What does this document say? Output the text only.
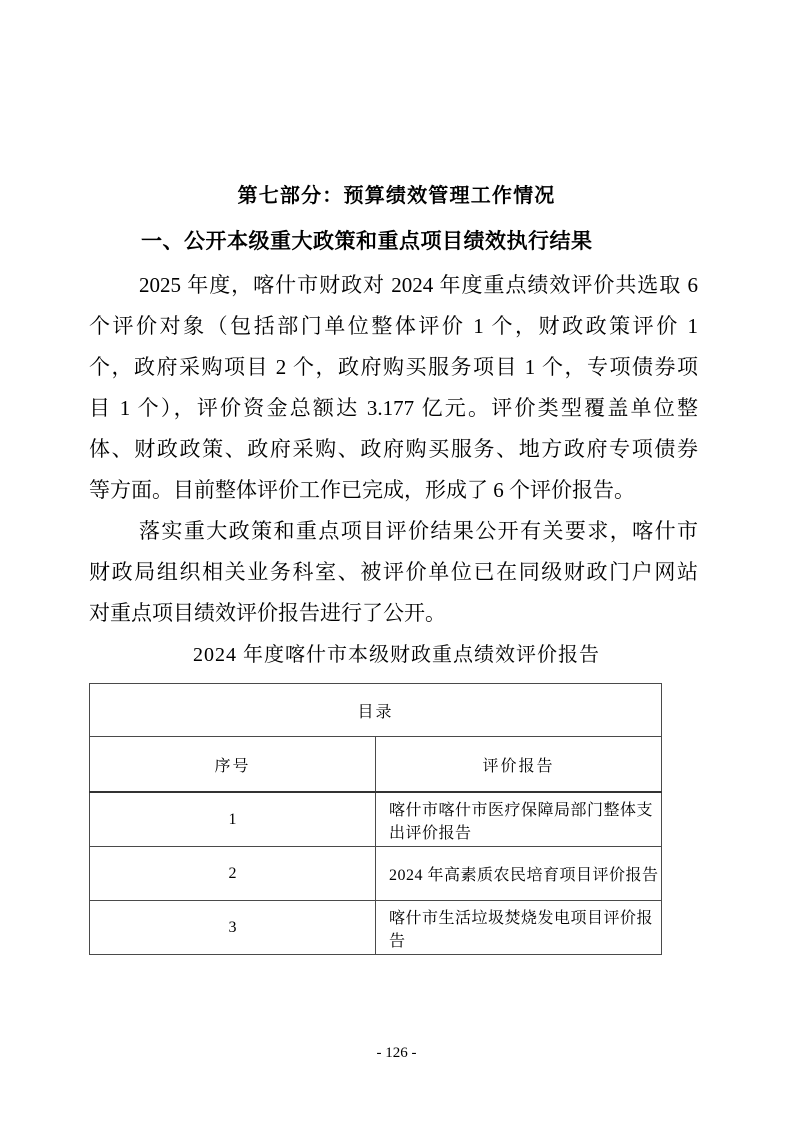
第七部分：预算绩效管理工作情况
一、公开本级重大政策和重点项目绩效执行结果
2025 年度，喀什市财政对 2024 年度重点绩效评价共选取 6
个评价对象（包括部门单位整体评价 1 个，财政政策评价 1
个，政府采购项目 2 个，政府购买服务项目 1 个，专项债券项
目 1 个），评价资金总额达 3.177 亿元。评价类型覆盖单位整
体、财政政策、政府采购、政府购买服务、地方政府专项债券
等方面。目前整体评价工作已完成，形成了 6 个评价报告。
落实重大政策和重点项目评价结果公开有关要求，喀什市
财政局组织相关业务科室、被评价单位已在同级财政门户网站
对重点项目绩效评价报告进行了公开。
2024 年度喀什市本级财政重点绩效评价报告
目录	
序号	评价报告
1	喀什市喀什市医疗保障局部门整体支出评价报告
2	2024 年高素质农民培育项目评价报告
3	喀什市生活垃圾焚烧发电项目评价报告
- 126 -
